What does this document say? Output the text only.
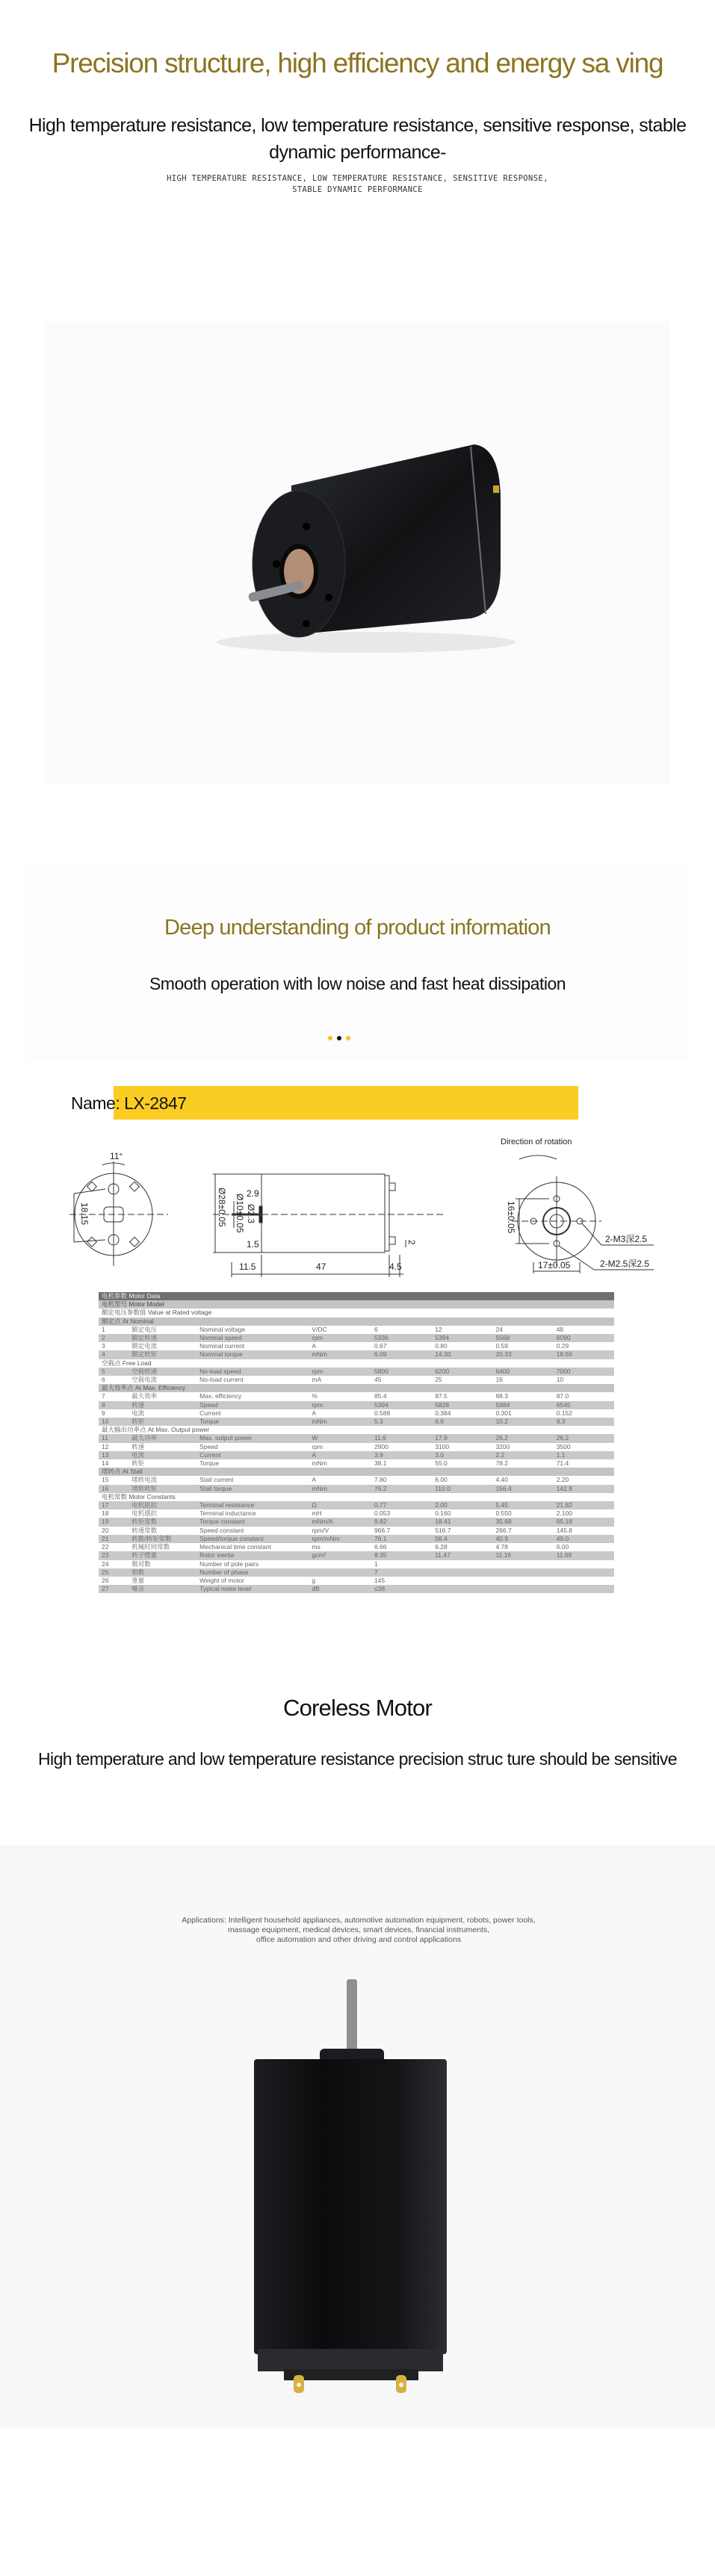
Precision structure, high efficiency and energy sa ving
High temperature resistance, low temperature resistance, sensitive response, stable dynamic performance-
HIGH TEMPERATURE RESISTANCE, LOW TEMPERATURE RESISTANCE, SENSITIVE RESPONSE, STABLE DYNAMIC PERFORMANCE
Deep understanding of product information
Smooth operation with low noise and fast heat dissipation
Name: LX-2847
11°
18.15	Ø28±0.05 Ø10±0.05 Ø2.3
2.9
1.5
11.5	47	4.5
2
Direction of rotation
16±0.05
17±0.05
2-M3深2.5
2-M2.5深2.5
电机参数 Motor Data							
电机型号 Motor Model							
额定电压参数值 Value at Rated voltage							
额定点 At Nominal							
1	额定电压	Nominal voltage	V/DC	6	12	24	48
2	额定转速	Nominal speed	rpm	5336	5394	5568	6090
3	额定电流	Nominal current	A	0.67	0.80	0.59	0.29
4	额定转矩	Nominal torque	mNm	6.09	14.30	20.33	18.56
空载点 Free Load							
5	空载转速	No-load speed	rpm	5800	6200	6400	7000
6	空载电流	No-load current	mA	45	25	16	10
最大效率点 At Max. Efficiency							
7	最大效率	Max. efficiency	%	85.4	87.5	88.3	87.0
8	转速	Speed	rpm	5394	5828	5984	6545
9	电流	Current	A	0.588	0.384	0.301	0.152
10	转矩	Torque	mNm	5.3	6.6	10.2	9.3
最大输出功率点 At Max. Output power							
11	最大功率	Max. output power	W	11.6	17.9	26.2	26.2
12	转速	Speed	rpm	2900	3100	3200	3500
13	电流	Current	A	3.9	3.0	2.2	1.1
14	转矩	Torque	mNm	38.1	55.0	78.2	71.4
堵转点 At Stall							
15	堵转电流	Stall current	A	7.80	6.00	4.40	2.20
16	堵转转矩	Stall torque	mNm	76.2	110.0	156.4	142.8
电机常数 Motor Constants							
17	电机阻抗	Terminal resistance	Ω	0.77	2.00	5.45	21.82
18	电机感抗	Terminal inductance	mH	0.053	0.160	0.550	2.100
19	转矩常数	Torque constant	mNm/A	9.82	18.41	35.68	65.18
20	转速常数	Speed constant	rpm/V	966.7	516.7	266.7	145.8
21	转数/转矩常数	Speed/torque constant	rpm/mNm	76.1	56.4	40.9	49.0
22	机械时间常数	Mechanical time constant	ms	6.66	6.28	4.78	6.00
23	转子惯量	Rotor inertia	gcm²	8.35	11.47	11.16	11.69
24	极对数	Number of pole pairs		1			
25	相数	Number of phase		7			
26	重量	Weight of motor	g	145			
27	噪音	Typical noise level	dB	≤38			
Coreless Motor
High temperature and low temperature resistance precision struc ture should be sensitive
Applications: Intelligent household appliances, automotive automation equipment, robots, power tools,
massage equipment, medical devices, smart devices, financial instruments,
office automation and other driving and control applications
